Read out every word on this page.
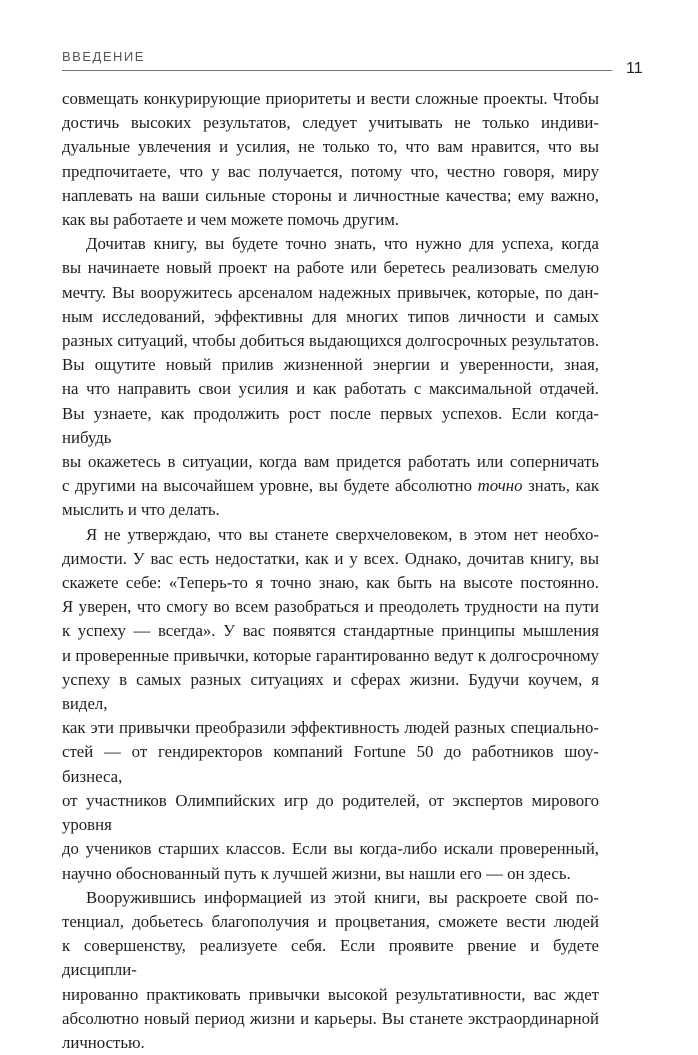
ВВЕДЕНИЕ
11

совмещать конкурирующие приоритеты и вести сложные проекты. Чтобы
достичь высоких результатов, следует учитывать не только индиви-
дуальные увлечения и усилия, не только то, что вам нравится, что вы
предпочитаете, что у вас получается, потому что, честно говоря, миру
наплевать на ваши сильные стороны и личностные качества; ему важно,
как вы работаете и чем можете помочь другим.

Дочитав книгу, вы будете точно знать, что нужно для успеха, когда
вы начинаете новый проект на работе или беретесь реализовать смелую
мечту. Вы вооружитесь арсеналом надежных привычек, которые, по дан-
ным исследований, эффективны для многих типов личности и самых
разных ситуаций, чтобы добиться выдающихся долгосрочных результатов.
Вы ощутите новый прилив жизненной энергии и уверенности, зная,
на что направить свои усилия и как работать с максимальной отдачей.
Вы узнаете, как продолжить рост после первых успехов. Если когда-нибудь
вы окажетесь в ситуации, когда вам придется работать или соперничать
с другими на высочайшем уровне, вы будете абсолютно точно знать, как
мыслить и что делать.

Я не утверждаю, что вы станете сверхчеловеком, в этом нет необхо-
димости. У вас есть недостатки, как и у всех. Однако, дочитав книгу, вы
скажете себе: «Теперь-то я точно знаю, как быть на высоте постоянно.
Я уверен, что смогу во всем разобраться и преодолеть трудности на пути
к успеху — всегда». У вас появятся стандартные принципы мышления
и проверенные привычки, которые гарантированно ведут к долгосрочному
успеху в самых разных ситуациях и сферах жизни. Будучи коучем, я видел,
как эти привычки преобразили эффективность людей разных специально-
стей — от гендиректоров компаний Fortune 50 до работников шоу-бизнеса,
от участников Олимпийских игр до родителей, от экспертов мирового уровня
до учеников старших классов. Если вы когда-либо искали проверенный,
научно обоснованный путь к лучшей жизни, вы нашли его — он здесь.

Вооружившись информацией из этой книги, вы раскроете свой по-
тенциал, добьетесь благополучия и процветания, сможете вести людей
к совершенству, реализуете себя. Если проявите рвение и будете дисципли-
нированно практиковать привычки высокой результативности, вас ждет
абсолютно новый период жизни и карьеры. Вы станете экстраординарной
личностью.
